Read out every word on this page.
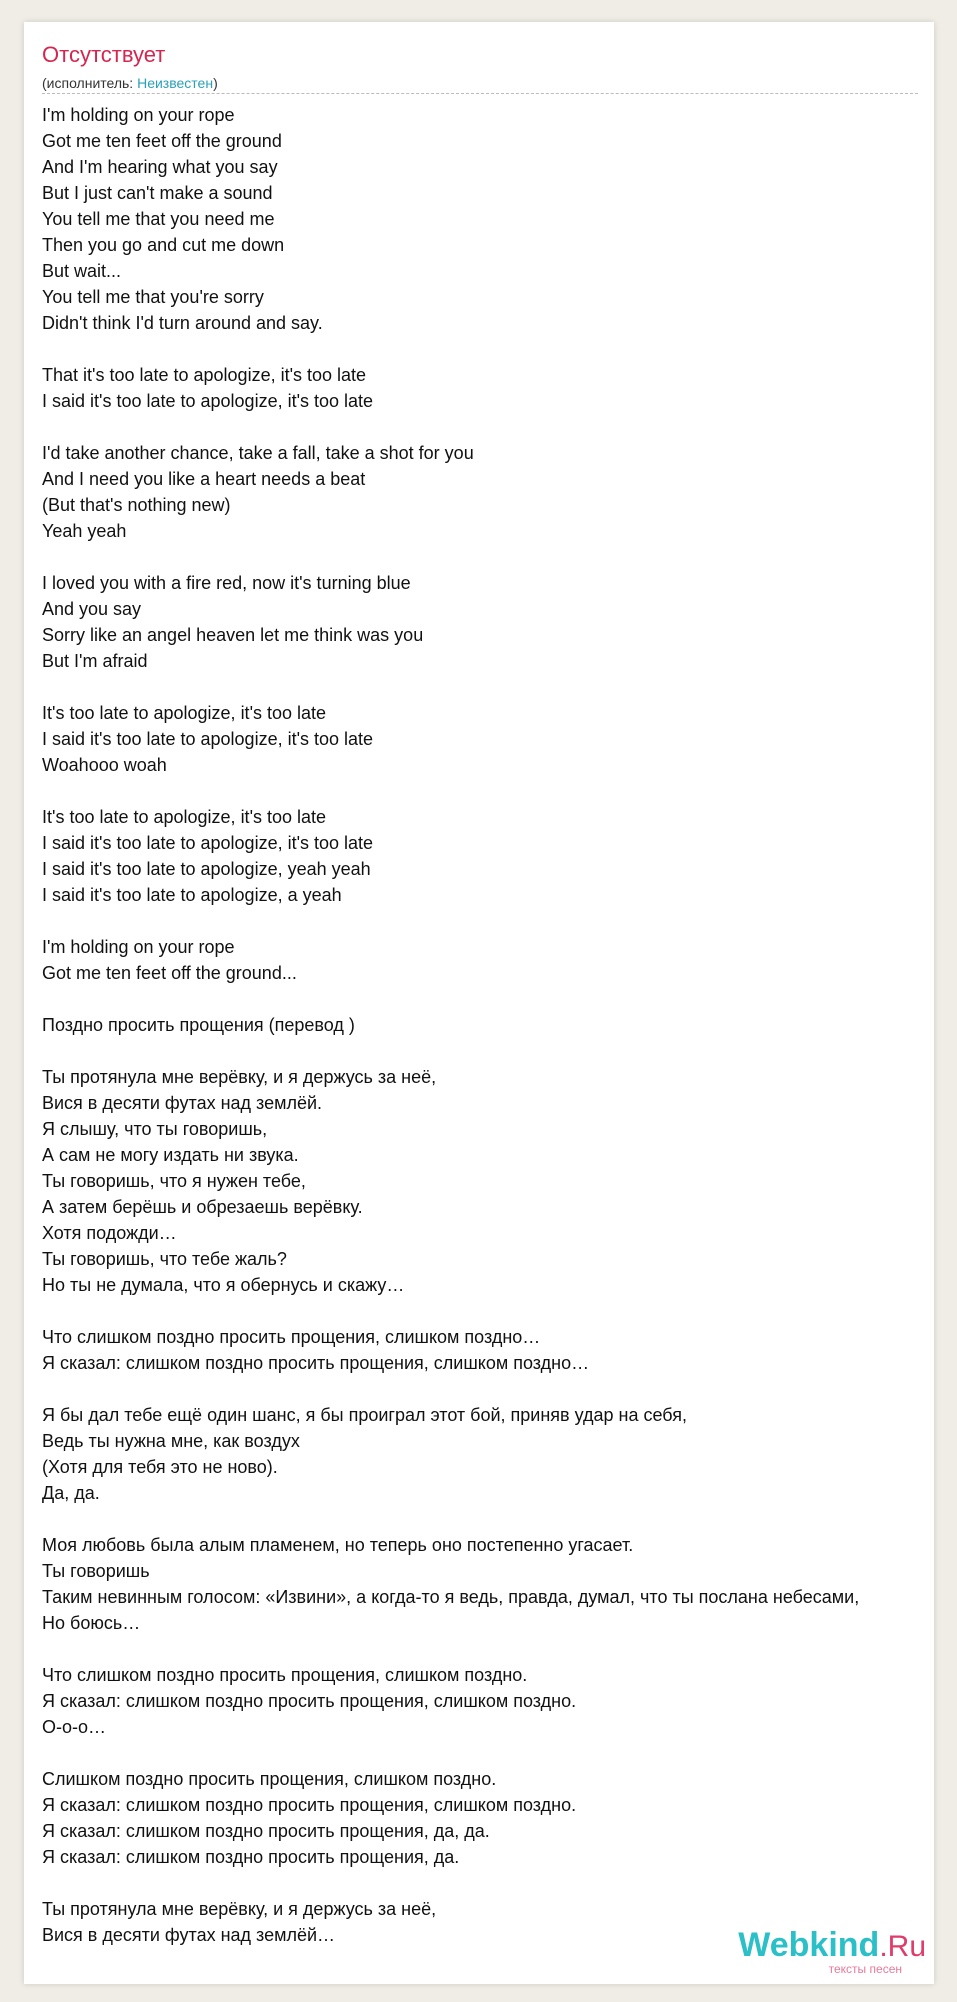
Отсутствует
(исполнитель: Неизвестен)
I'm holding on your rope
Got me ten feet off the ground
And I'm hearing what you say
But I just can't make a sound
You tell me that you need me
Then you go and cut me down
But wait...
You tell me that you're sorry
Didn't think I'd turn around and say.
That it's too late to apologize, it's too late
I said it's too late to apologize, it's too late
I'd take another chance, take a fall, take a shot for you
And I need you like a heart needs a beat
(But that's nothing new)
Yeah yeah
I loved you with a fire red, now it's turning blue
And you say
Sorry like an angel heaven let me think was you
But I'm afraid
It's too late to apologize, it's too late
I said it's too late to apologize, it's too late
Woahooo woah
It's too late to apologize, it's too late
I said it's too late to apologize, it's too late
I said it's too late to apologize, yeah yeah
I said it's too late to apologize, a yeah
I'm holding on your rope
Got me ten feet off the ground...
Поздно просить прощения (перевод )
Ты протянула мне верёвку, и я держусь за неё,
Вися в десяти футах над землёй.
Я слышу, что ты говоришь,
А сам не могу издать ни звука.
Ты говоришь, что я нужен тебе,
А затем берёшь и обрезаешь верёвку.
Хотя подожди…
Ты говоришь, что тебе жаль?
Но ты не думала, что я обернусь и скажу…
Что слишком поздно просить прощения, слишком поздно…
Я сказал: слишком поздно просить прощения, слишком поздно…
Я бы дал тебе ещё один шанс, я бы проиграл этот бой, приняв удар на себя,
Ведь ты нужна мне, как воздух
(Хотя для тебя это не ново).
Да, да.
Моя любовь была алым пламенем, но теперь оно постепенно угасает.
Ты говоришь
Таким невинным голосом: «Извини», а когда-то я ведь, правда, думал, что ты послана небесами,
Но боюсь…
Что слишком поздно просить прощения, слишком поздно.
Я сказал: слишком поздно просить прощения, слишком поздно.
О-о-о…
Слишком поздно просить прощения, слишком поздно.
Я сказал: слишком поздно просить прощения, слишком поздно.
Я сказал: слишком поздно просить прощения, да, да.
Я сказал: слишком поздно просить прощения, да.
Ты протянула мне верёвку, и я держусь за неё,
Вися в десяти футах над землёй…	Webkind.Ru
тексты песен
